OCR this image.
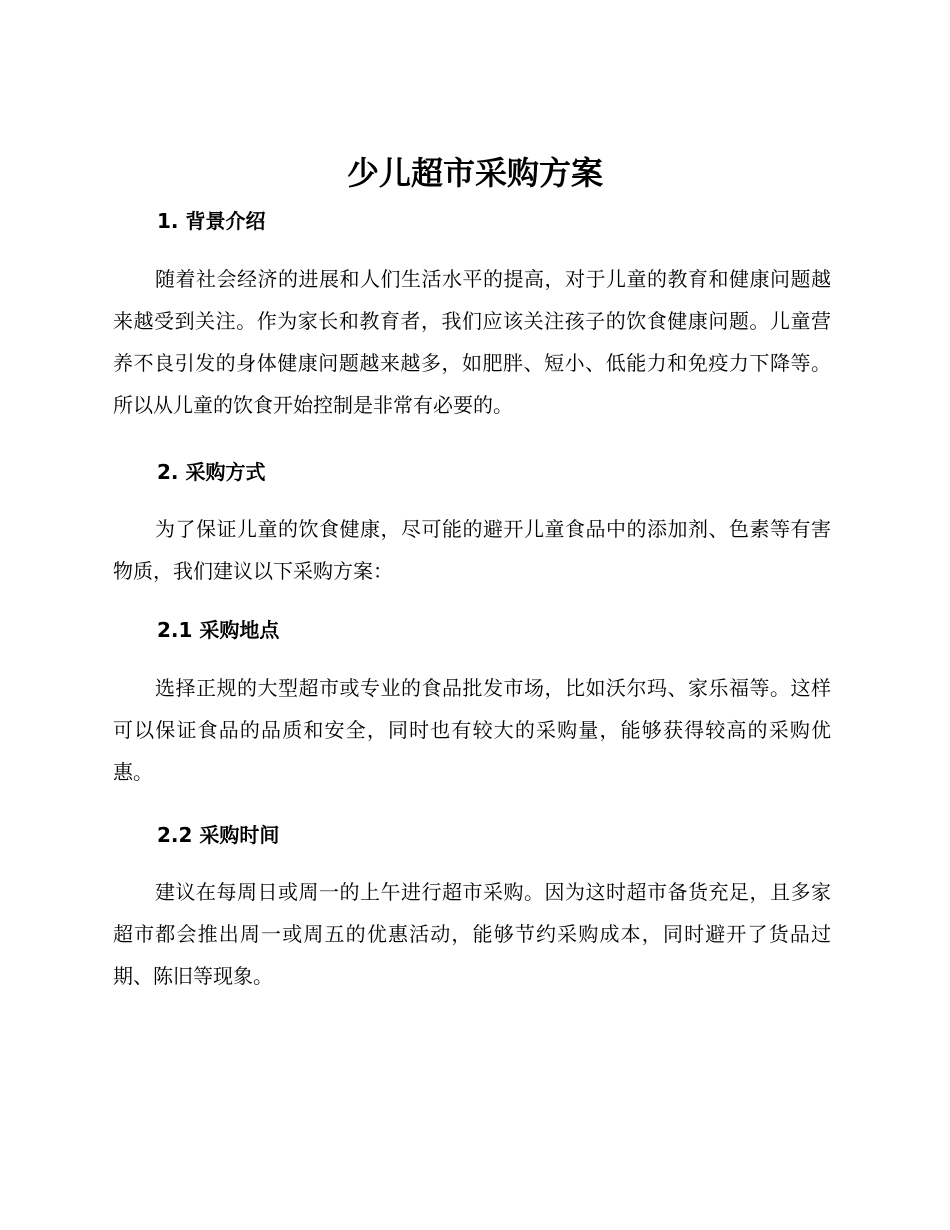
少儿超市采购方案
1. 背景介绍

随着社会经济的进展和人们生活水平的提高，对于儿童的教育和健康问题越来越受到关注。作为家长和教育者，我们应该关注孩子的饮食健康问题。儿童营养不良引发的身体健康问题越来越多，如肥胖、短小、低能力和免疫力下降等。所以从儿童的饮食开始控制是非常有必要的。

2. 采购方式

为了保证儿童的饮食健康，尽可能的避开儿童食品中的添加剂、色素等有害物质，我们建议以下采购方案：

2.1 采购地点

选择正规的大型超市或专业的食品批发市场，比如沃尔玛、家乐福等。这样可以保证食品的品质和安全，同时也有较大的采购量，能够获得较高的采购优惠。

2.2 采购时间

建议在每周日或周一的上午进行超市采购。因为这时超市备货充足，且多家超市都会推出周一或周五的优惠活动，能够节约采购成本，同时避开了货品过期、陈旧等现象。
